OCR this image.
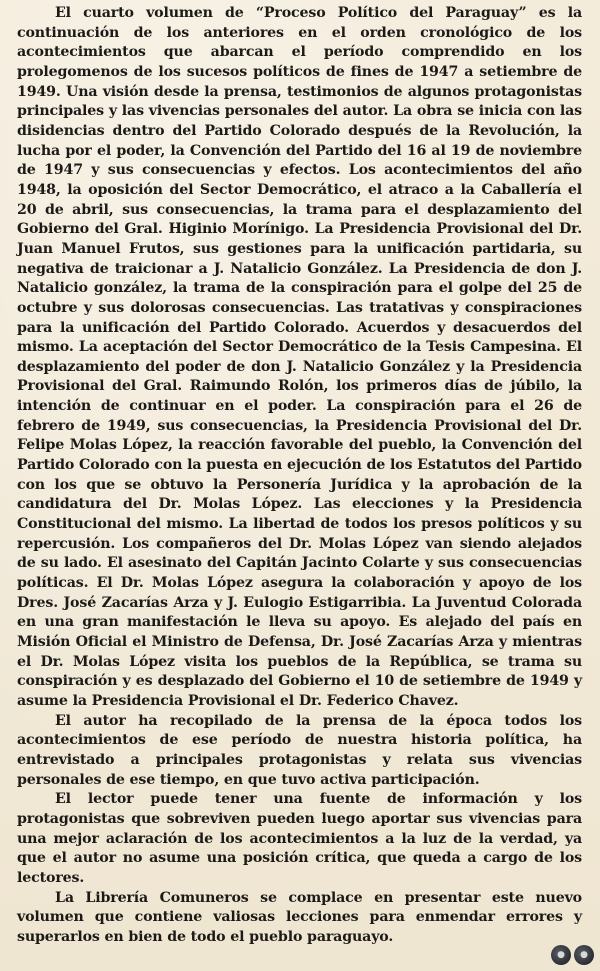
El cuarto volumen de “Proceso Político del Paraguay” es la continuación de los anteriores en el orden cronológico de los acontecimientos que abarcan el período comprendido en los prolegomenos de los sucesos políticos de fines de 1947 a setiembre de 1949. Una visión desde la prensa, testimonios de algunos protagonistas principales y las vivencias personales del autor. La obra se inicia con las disidencias dentro del Partido Colorado después de la Revolución, la lucha por el poder, la Convención del Partido del 16 al 19 de noviembre de 1947 y sus consecuencias y efectos. Los acontecimientos del año 1948, la oposición del Sector Democrático, el atraco a la Caballería el 20 de abril, sus consecuencias, la trama para el desplazamiento del Gobierno del Gral. Higinio Morínigo. La Presidencia Provisional del Dr. Juan Manuel Frutos, sus gestiones para la unificación partidaria, su negativa de traicionar a J. Natalicio González. La Presidencia de don J. Natalicio gonzález, la trama de la conspiración para el golpe del 25 de octubre y sus dolorosas consecuencias. Las tratativas y conspiraciones para la unificación del Partido Colorado. Acuerdos y desacuerdos del mismo. La aceptación del Sector Democrático de la Tesis Campesina. El desplazamiento del poder de don J. Natalicio González y la Presidencia Provisional del Gral. Raimundo Rolón, los primeros días de júbilo, la intención de continuar en el poder. La conspiración para el 26 de febrero de 1949, sus consecuencias, la Presidencia Provisional del Dr. Felipe Molas López, la reacción favorable del pueblo, la Convención del Partido Colorado con la puesta en ejecución de los Estatutos del Partido con los que se obtuvo la Personería Jurídica y la aprobación de la candidatura del Dr. Molas López. Las elecciones y la Presidencia Constitucional del mismo. La libertad de todos los presos políticos y su repercusión. Los compañeros del Dr. Molas López van siendo alejados de su lado. El asesinato del Capitán Jacinto Colarte y sus consecuencias políticas. El Dr. Molas López asegura la colaboración y apoyo de los Dres. José Zacarías Arza y J. Eulogio Estigarribia. La Juventud Colorada en una gran manifestación le lleva su apoyo. Es alejado del país en Misión Oficial el Ministro de Defensa, Dr. José Zacarías Arza y mientras el Dr. Molas López visita los pueblos de la República, se trama su conspiración y es desplazado del Gobierno el 10 de setiembre de 1949 y asume la Presidencia Provisional el Dr. Federico Chavez.

El autor ha recopilado de la prensa de la época todos los acontecimientos de ese período de nuestra historia política, ha entrevistado a principales protagonistas y relata sus vivencias personales de ese tiempo, en que tuvo activa participación.

El lector puede tener una fuente de información y los protagonistas que sobreviven pueden luego aportar sus vivencias para una mejor aclaración de los acontecimientos a la luz de la verdad, ya que el autor no asume una posición crítica, que queda a cargo de los lectores.

La Librería Comuneros se complace en presentar este nuevo volumen que contiene valiosas lecciones para enmendar errores y superarlos en bien de todo el pueblo paraguayo.

●	●
